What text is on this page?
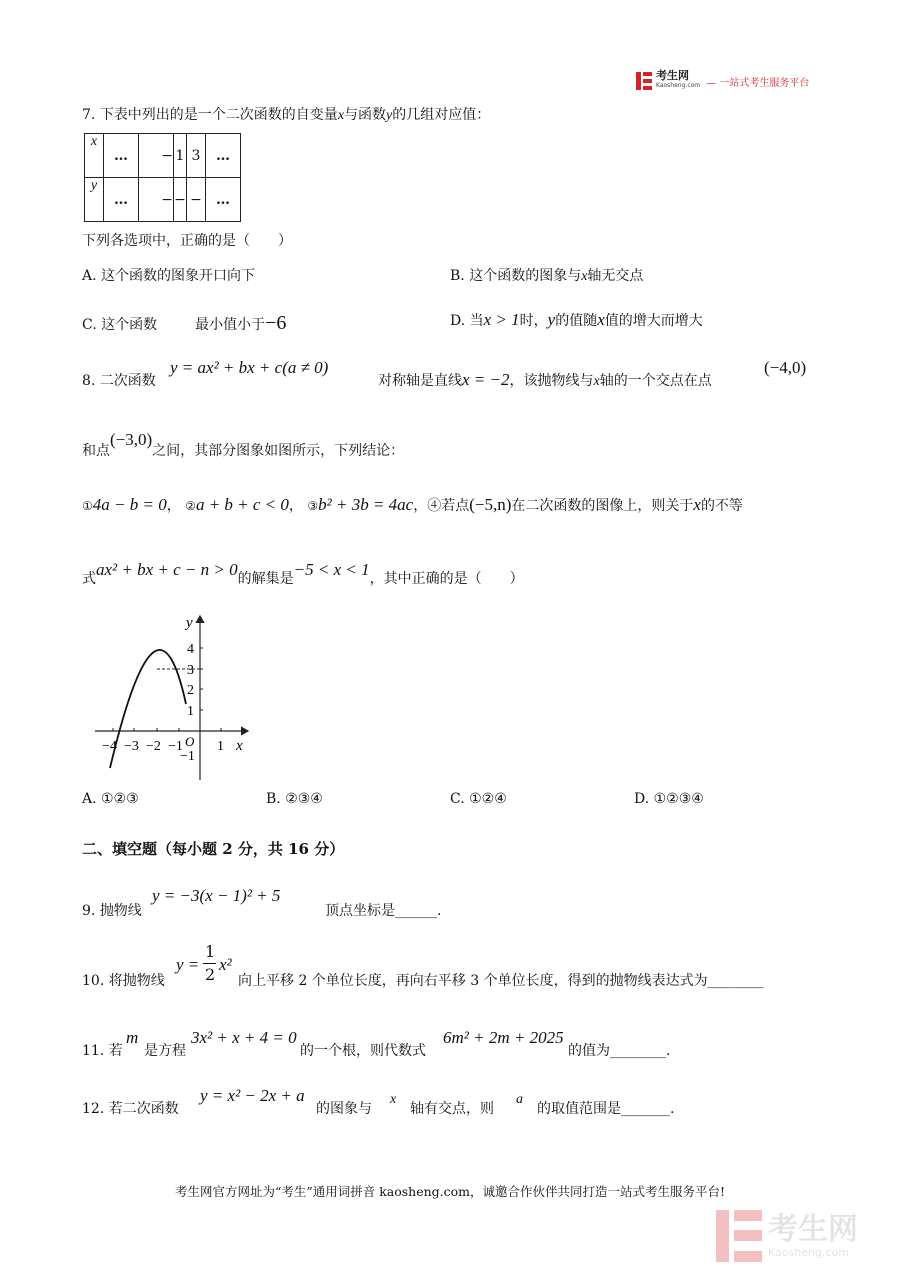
考生网
Kaosheng.com — 一站式考生服务平台
7. 下表中列出的是一个二次函数的自变量x与函数y的几组对应值：
x	…	−	1	3	…
y	…	−	−	−	…
下列各选项中，正确的是（　　）
A. 这个函数的图象开口向下	B. 这个函数的图象与x轴无交点
C. 这个函数	最小值小于−6	D. 当x > 1时，y的值随x值的增大而增大
8. 二次函数
y = ax² + bx + c(a ≠ 0)
对称轴是直线x = −2，该抛物线与x轴的一个交点在点
(−4,0)
和点(−3,0)之间，其部分图象如图所示，下列结论：
①4a − b = 0， ②a + b + c < 0， ③b² + 3b = 4ac，④若点(−5,n)在二次函数的图像上，则关于x的不等
式ax² + bx + c − n > 0的解集是−5 < x < 1，其中正确的是（　　）
y
x
O
4
3
2
1
−1
−4 −3 −2 −1 1
A. ①②③	B. ②③④	C. ①②④	D. ①②③④
二、填空题（每小题 2 分，共 16 分）
9. 抛物线
y = −3(x − 1)² + 5
顶点坐标是______.
10. 将抛物线
y =
1
2
x²
向上平移 2 个单位长度，再向右平移 3 个单位长度，得到的抛物线表达式为________
11. 若
m
是方程
3x² + x + 4 = 0
的一个根，则代数式
6m² + 2m + 2025
的值为________.
12. 若二次函数
y = x² − 2x + a
的图象与
x
轴有交点，则
a
的取值范围是_______.
考生网官方网址为“考生”通用词拼音 kaosheng.com，诚邀合作伙伴共同打造一站式考生服务平台!
考生网
Kaosheng.com
